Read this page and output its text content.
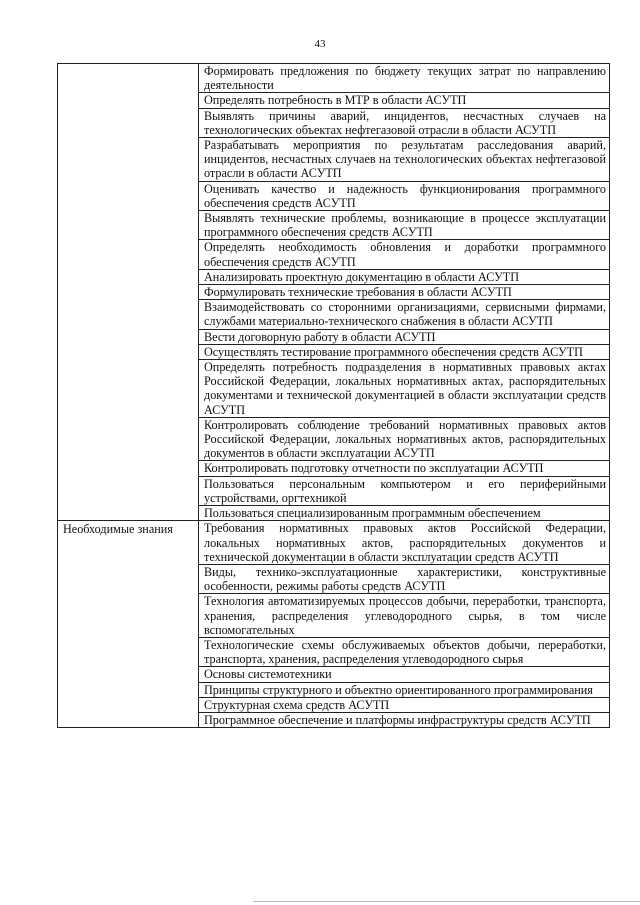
43
	Формировать предложения по бюджету текущих затрат по направлению деятельности
	Определять потребность в МТР в области АСУТП
	Выявлять причины аварий, инцидентов, несчастных случаев на технологических объектах нефтегазовой отрасли в области АСУТП
	Разрабатывать мероприятия по результатам расследования аварий, инцидентов, несчастных случаев на технологических объектах нефтегазовой отрасли в области АСУТП
	Оценивать качество и надежность функционирования программного обеспечения средств АСУТП
	Выявлять технические проблемы, возникающие в процессе эксплуатации программного обеспечения средств АСУТП
	Определять необходимость обновления и доработки программного обеспечения средств АСУТП
	Анализировать проектную документацию в области АСУТП
	Формулировать технические требования в области АСУТП
	Взаимодействовать со сторонними организациями, сервисными фирмами, службами материально-технического снабжения в области АСУТП
	Вести договорную работу в области АСУТП
	Осуществлять тестирование программного обеспечения средств АСУТП
	Определять потребность подразделения в нормативных правовых актах Российской Федерации, локальных нормативных актах, распорядительных документами и технической документацией в области эксплуатации средств АСУТП
	Контролировать соблюдение требований нормативных правовых актов Российской Федерации, локальных нормативных актов, распорядительных документов в области эксплуатации АСУТП
	Контролировать подготовку отчетности по эксплуатации АСУТП
	Пользоваться персональным компьютером и его периферийными устройствами, оргтехникой
	Пользоваться специализированным программным обеспечением

Необходимые знания	Требования нормативных правовых актов Российской Федерации, локальных нормативных актов, распорядительных документов и технической документации в области эксплуатации средств АСУТП
	Виды, технико-эксплуатационные характеристики, конструктивные особенности, режимы работы средств АСУТП
	Технология автоматизируемых процессов добычи, переработки, транспорта, хранения, распределения углеводородного сырья, в том числе вспомогательных
	Технологические схемы обслуживаемых объектов добычи, переработки, транспорта, хранения, распределения углеводородного сырья
	Основы системотехники
	Принципы структурного и объектно ориентированного программирования
	Структурная схема средств АСУТП
	Программное обеспечение и платформы инфраструктуры средств АСУТП
